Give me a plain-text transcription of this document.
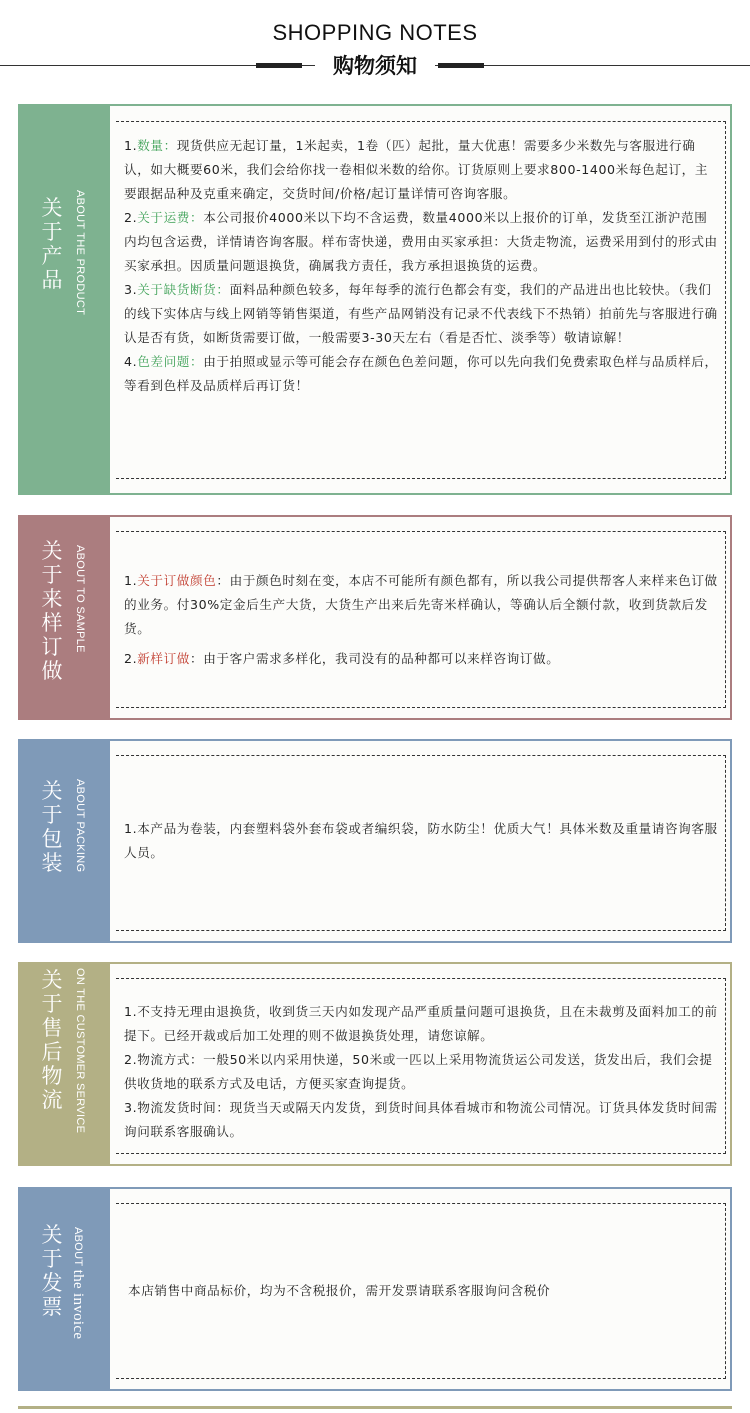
SHOPPING NOTES
购物须知
关于产品 ABOUT THE PRODUCT

1.数量：现货供应无起订量，1米起卖，1卷（匹）起批，量大优惠！需要多少米数先与客服进行确认，如大概要60米，我们会给你找一卷相似米数的给你。订货原则上要求800-1400米每色起订，主要跟据品种及克重来确定，交货时间/价格/起订量详情可咨询客服。

2.关于运费：本公司报价4000米以下均不含运费，数量4000米以上报价的订单，发货至江浙沪范围内均包含运费，详情请咨询客服。样布寄快递，费用由买家承担：大货走物流，运费采用到付的形式由买家承担。因质量问题退换货，确属我方责任，我方承担退换货的运费。

3.关于缺货断货：面料品种颜色较多，每年每季的流行色都会有变，我们的产品进出也比较快。（我们的线下实体店与线上网销等销售渠道，有些产品网销没有记录不代表线下不热销）拍前先与客服进行确认是否有货，如断货需要订做，一般需要3-30天左右（看是否忙、淡季等）敬请谅解！

4.色差问题：由于拍照或显示等可能会存在颜色色差问题，你可以先向我们免费索取色样与品质样后，等看到色样及品质样后再订货！

关于来样订做
ABOUT TO SAMPLE	1.关于订做颜色：由于颜色时刻在变，本店不可能所有颜色都有，所以我公司提供帮客人来样来色订做的业务。付30%定金后生产大货，大货生产出来后先寄米样确认，等确认后全额付款，收到货款后发货。

2.新样订做：由于客户需求多样化，我司没有的品种都可以来样咨询订做。

关于包装 ABOUT PACKING	1.本产品为卷装，内套塑料袋外套布袋或者编织袋，防水防尘！优质大气！具体米数及重量请咨询客服人员。
关于售后物流 ON THE CUSTOMER SERVICE	1.不支持无理由退换货，收到货三天内如发现产品严重质量问题可退换货，且在未裁剪及面料加工的前提下。已经开裁或后加工处理的则不做退换货处理，请您谅解。

2.物流方式：一般50米以内采用快递，50米或一匹以上采用物流货运公司发送，货发出后，我们会提供收货地的联系方式及电话，方便买家查询提货。

3.物流发货时间：现货当天或隔天内发货，到货时间具体看城市和物流公司情况。订货具体发货时间需询问联系客服确认。

关于发票
ABOUT the invoice	本店销售中商品标价，均为不含税报价，需开发票请联系客服询问含税价
